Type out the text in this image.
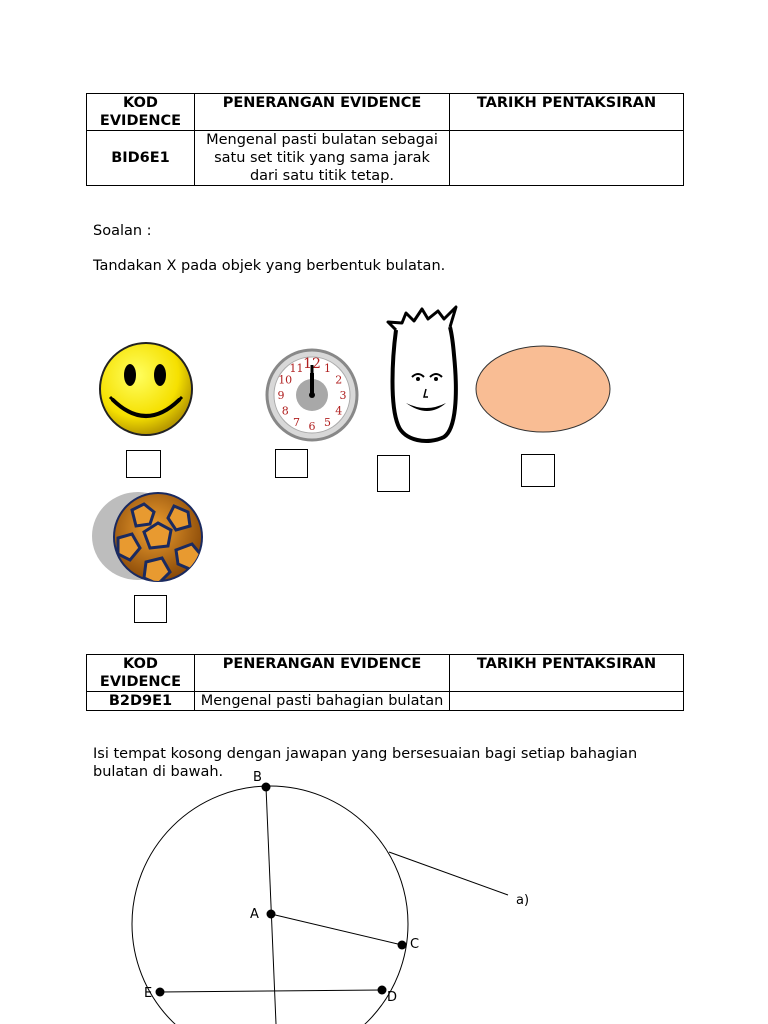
KOD EVIDENCE	PENERANGAN EVIDENCE	TARIKH PENTAKSIRAN
BID6E1	Mengenal pasti bulatan sebagai satu set titik yang sama jarak dari satu titik tetap.	
Soalan :
Tandakan X pada objek yang berbentuk bulatan.
12 1
2
3
4
5
6
7
8
9
10
11
KOD EVIDENCE	PENERANGAN EVIDENCE	TARIKH PENTAKSIRAN
B2D9E1	Mengenal pasti bahagian bulatan	
Isi tempat kosong dengan jawapan yang bersesuaian bagi setiap bahagian bulatan di bawah.	B
A
C
D
E
a)
